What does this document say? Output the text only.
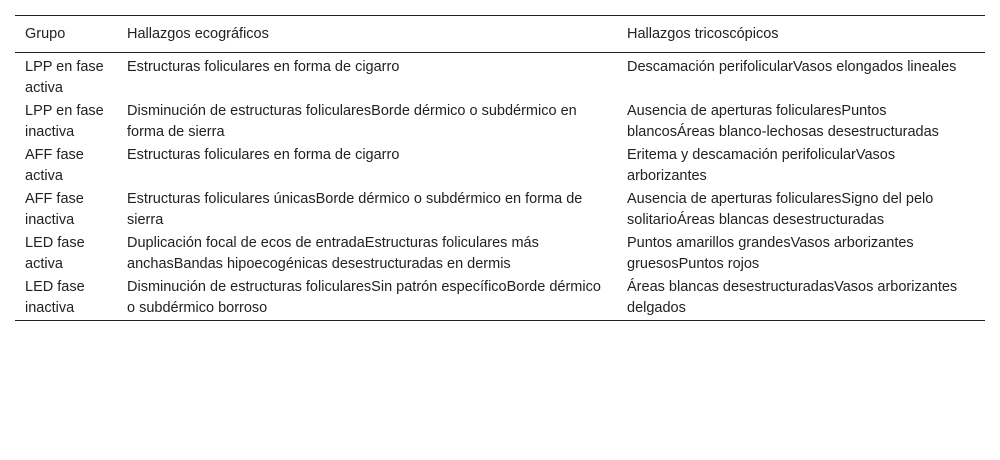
Grupo	Hallazgos ecográficos	Hallazgos tricoscópicos
LPP en fase activa	Estructuras foliculares en forma de cigarro	Descamación perifolicularVasos elongados lineales
LPP en fase inactiva	Disminución de estructuras folicularesBorde dérmico o subdérmico en forma de sierra	Ausencia de aperturas folicularesPuntos blancosÁreas blanco-lechosas desestructuradas
AFF fase activa	Estructuras foliculares en forma de cigarro	Eritema y descamación perifolicularVasos arborizantes
AFF fase inactiva	Estructuras foliculares únicasBorde dérmico o subdérmico en forma de sierra	Ausencia de aperturas folicularesSigno del pelo solitarioÁreas blancas desestructuradas
LED fase activa	Duplicación focal de ecos de entradaEstructuras foliculares más anchasBandas hipoecogénicas desestructuradas en dermis	Puntos amarillos grandesVasos arborizantes gruesosPuntos rojos
LED fase inactiva	Disminución de estructuras folicularesSin patrón específicoBorde dérmico o subdérmico borroso	Áreas blancas desestructuradasVasos arborizantes delgados
